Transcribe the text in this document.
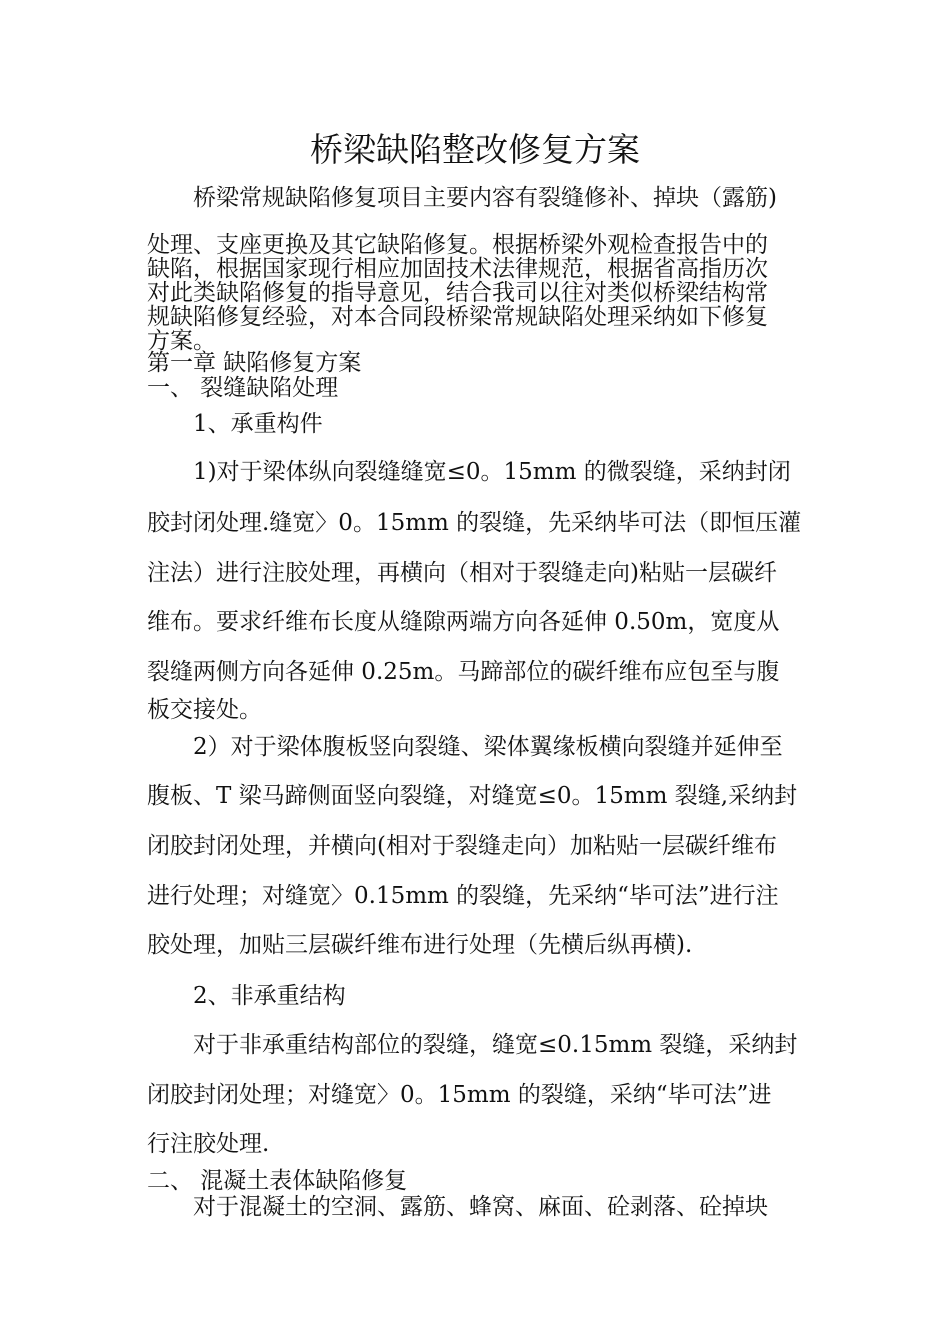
桥梁缺陷整改修复方案
桥梁常规缺陷修复项目主要内容有裂缝修补、掉块（露筋)
处理、支座更换及其它缺陷修复。根据桥梁外观检查报告中的
缺陷，根据国家现行相应加固技术法律规范，根据省高指历次
对此类缺陷修复的指导意见，结合我司以往对类似桥梁结构常
规缺陷修复经验，对本合同段桥梁常规缺陷处理采纳如下修复
方案。
第一章 缺陷修复方案
一、 裂缝缺陷处理
1、承重构件
1)对于梁体纵向裂缝缝宽≤0。15mm 的微裂缝，采纳封闭
胶封闭处理.缝宽〉0。15mm 的裂缝，先采纳毕可法（即恒压灌
注法）进行注胶处理，再横向（相对于裂缝走向)粘贴一层碳纤
维布。要求纤维布长度从缝隙两端方向各延伸 0.50m，宽度从
裂缝两侧方向各延伸 0.25m。马蹄部位的碳纤维布应包至与腹
板交接处。
2）对于梁体腹板竖向裂缝、梁体翼缘板横向裂缝并延伸至
腹板、T 梁马蹄侧面竖向裂缝，对缝宽≤0。15mm 裂缝,采纳封
闭胶封闭处理，并横向(相对于裂缝走向）加粘贴一层碳纤维布
进行处理；对缝宽〉0.15mm 的裂缝，先采纳“毕可法”进行注
胶处理，加贴三层碳纤维布进行处理（先横后纵再横).
2、非承重结构
对于非承重结构部位的裂缝，缝宽≤0.15mm 裂缝，采纳封
闭胶封闭处理；对缝宽〉0。15mm 的裂缝，采纳“毕可法”进
行注胶处理.
二、 混凝土表体缺陷修复
对于混凝土的空洞、露筋、蜂窝、麻面、砼剥落、砼掉块
